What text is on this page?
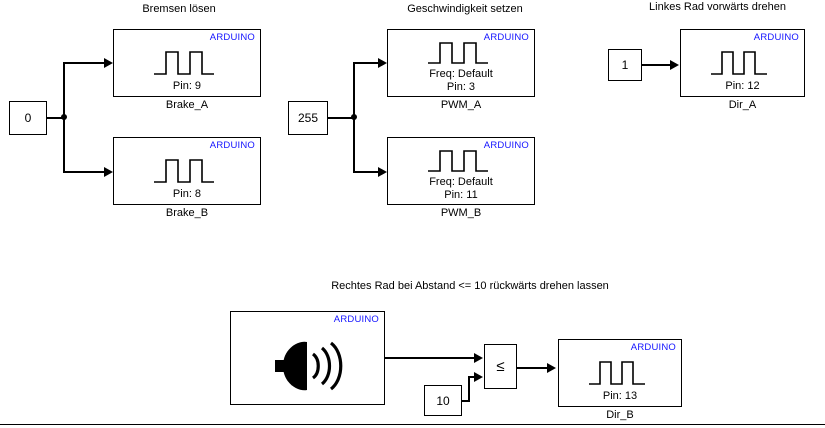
Bremsen lösen	Geschwindigkeit setzen	Linkes Rad vorwärts drehen
Rechtes Rad bei Abstand <= 10 rückwärts drehen lassen
0
ARDUINO
Pin: 9
Brake_A
ARDUINO
Pin: 8
Brake_B
255
ARDUINO
Freq: Default
Pin: 3
PWM_A
ARDUINO
Freq: Default
Pin: 11
PWM_B
1
ARDUINO
Pin: 12
Dir_A
ARDUINO
10
≤
ARDUINO
Pin: 13
Dir_B
